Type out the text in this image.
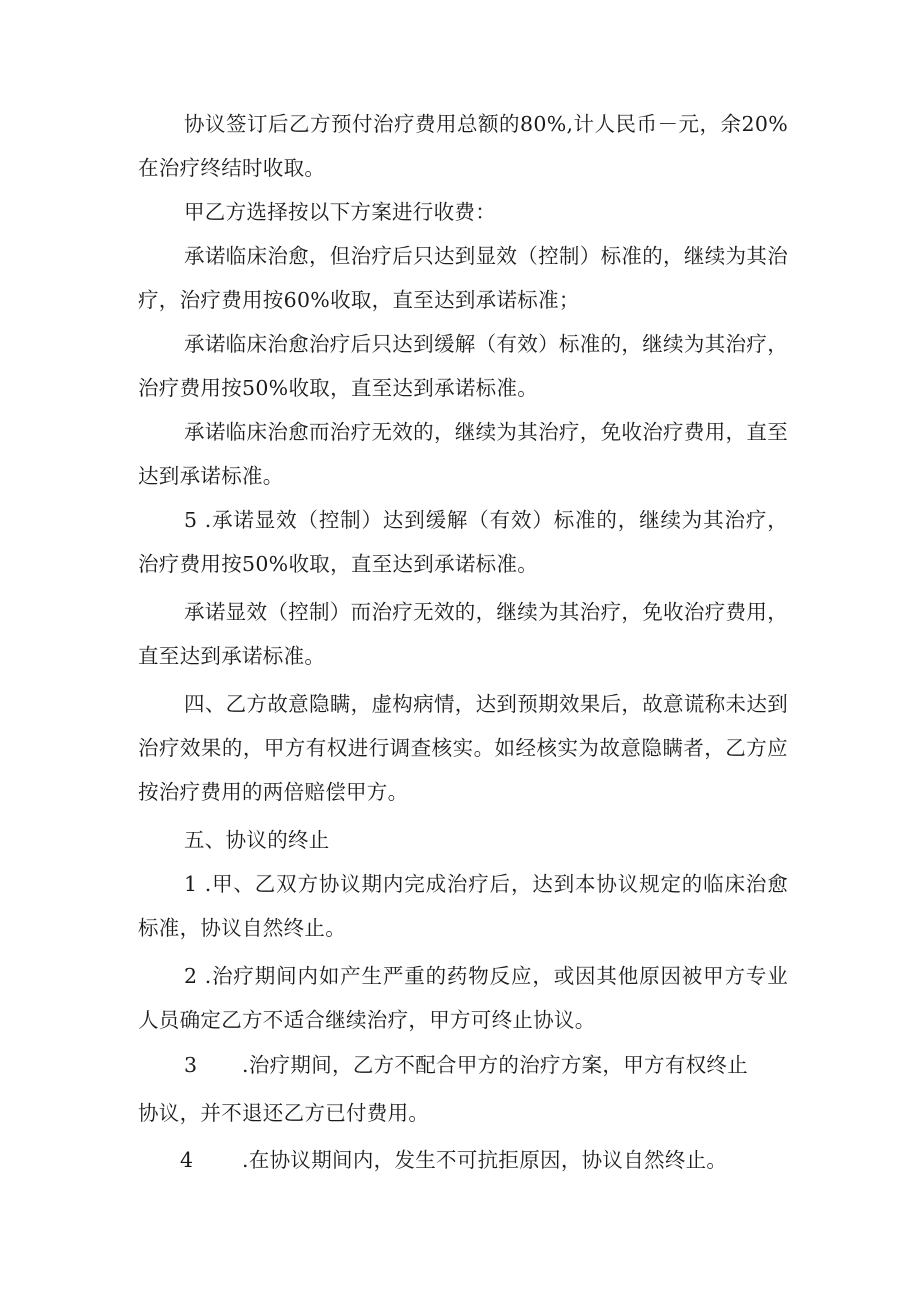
协议签订后乙方预付治疗费用总额的80%,计人民币－元，余20%在治疗终结时收取。

甲乙方选择按以下方案进行收费：

承诺临床治愈，但治疗后只达到显效（控制）标准的，继续为其治疗，治疗费用按60%收取，直至达到承诺标准；

承诺临床治愈治疗后只达到缓解（有效）标准的，继续为其治疗，治疗费用按50%收取，直至达到承诺标准。

承诺临床治愈而治疗无效的，继续为其治疗，免收治疗费用，直至达到承诺标准。

5 .承诺显效（控制）达到缓解（有效）标准的，继续为其治疗，治疗费用按50%收取，直至达到承诺标准。

承诺显效（控制）而治疗无效的，继续为其治疗，免收治疗费用，直至达到承诺标准。

四、乙方故意隐瞒，虚构病情，达到预期效果后，故意谎称未达到治疗效果的，甲方有权进行调查核实。如经核实为故意隐瞒者，乙方应按治疗费用的两倍赔偿甲方。

五、协议的终止

1 .甲、乙双方协议期内完成治疗后，达到本协议规定的临床治愈标准，协议自然终止。

2 .治疗期间内如产生严重的药物反应，或因其他原因被甲方专业人员确定乙方不适合继续治疗，甲方可终止协议。

3 .治疗期间，乙方不配合甲方的治疗方案，甲方有权终止

协议，并不退还乙方已付费用。

4 .在协议期间内，发生不可抗拒原因，协议自然终止。
